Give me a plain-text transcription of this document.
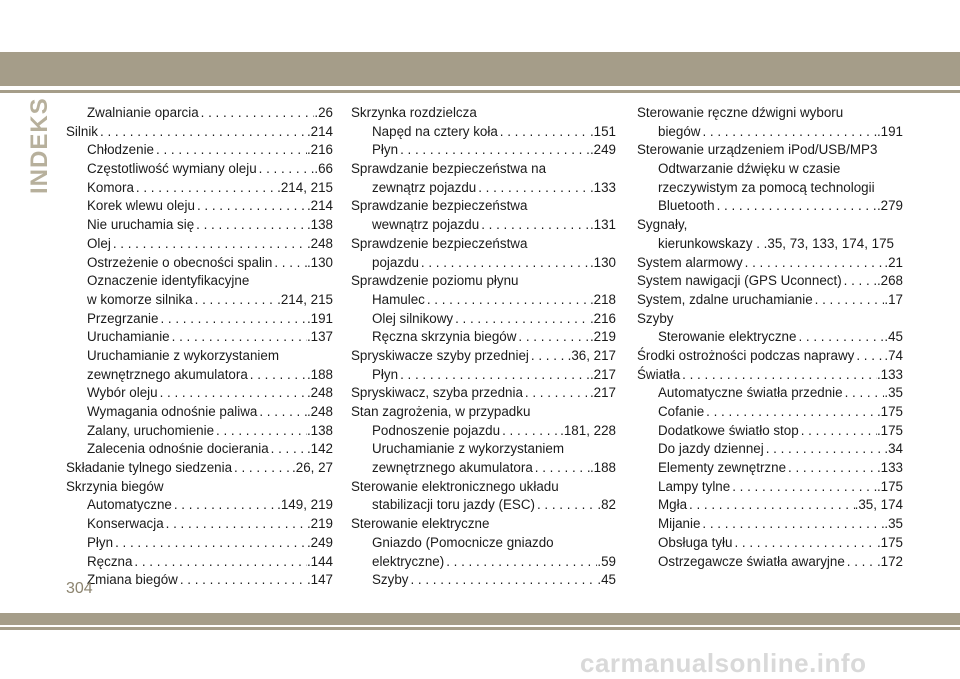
INDEKS	Zwalnianie oparcia . . .	.26
Silnik . . .	.214
Chłodzenie . . .	.216
Częstotliwość wymiany oleju . . .	.66
Komora . . .	.214, 215
Korek wlewu oleju . . .	.214
Nie uruchamia się . . .	.138
Olej . . .	.248
Ostrzeżenie o obecności spalin . . .	.130
Oznaczenie identyfikacyjne
w komorze silnika . . .	.214, 215
Przegrzanie . . .	.191
Uruchamianie . . .	.137
Uruchamianie z wykorzystaniem
zewnętrznego akumulatora . . .	.188
Wybór oleju . . .	.248
Wymagania odnośnie paliwa . . .	.248
Zalany, uruchomienie . . .	.138
Zalecenia odnośnie docierania . . .	.142
Składanie tylnego siedzenia . . .	.26, 27
Skrzynia biegów
Automatyczne . . .	.149, 219
Konserwacja . . .	.219
Płyn . . .	.249
Ręczna . . .	.144
Zmiana biegów . . .	.147
Skrzynka rozdzielcza
Napęd na cztery koła . . .	.151
Płyn . . .	.249
Sprawdzanie bezpieczeństwa na
zewnątrz pojazdu . . .	.133
Sprawdzanie bezpieczeństwa
wewnątrz pojazdu . . .	.131
Sprawdzenie bezpieczeństwa
pojazdu . . .	.130
Sprawdzenie poziomu płynu
Hamulec . . .	.218
Olej silnikowy . . .	.216
Ręczna skrzynia biegów . . .	.219
Spryskiwacze szyby przedniej . . .	.36, 217
Płyn . . .	.217
Spryskiwacz, szyba przednia . . .	.217
Stan zagrożenia, w przypadku
Podnoszenie pojazdu . . .	.181, 228
Uruchamianie z wykorzystaniem
zewnętrznego akumulatora . . .	.188
Sterowanie elektronicznego układu
stabilizacji toru jazdy (ESC) . . .	.82
Sterowanie elektryczne
Gniazdo (Pomocnicze gniazdo
elektryczne) . . .	.59
Szyby . . .	.45
Sterowanie ręczne dźwigni wyboru
biegów . . .	.191
Sterowanie urządzeniem iPod/USB/MP3
Odtwarzanie dźwięku w czasie
rzeczywistym za pomocą technologii
Bluetooth . . .	.279
Sygnały,
kierunkowskazy . .35, 73, 133, 174, 175
System alarmowy . . .	.21
System nawigacji (GPS Uconnect) . . .	.268
System, zdalne uruchamianie . . .	.17
Szyby
Sterowanie elektryczne . . .	.45
Środki ostrożności podczas naprawy . . . .74
Światła . . .	.133
Automatyczne światła przednie . . .	.35
Cofanie . . .	.175
Dodatkowe światło stop . . .	.175
Do jazdy dziennej . . .	.34
Elementy zewnętrzne . . .	.133
Lampy tylne . . .	.175
Mgła . . .	.35, 174
Mijanie . . .	.35
Obsługa tyłu . . .	.175
Ostrzegawcze światła awaryjne . . . .172
304
carmanualsonline.info
